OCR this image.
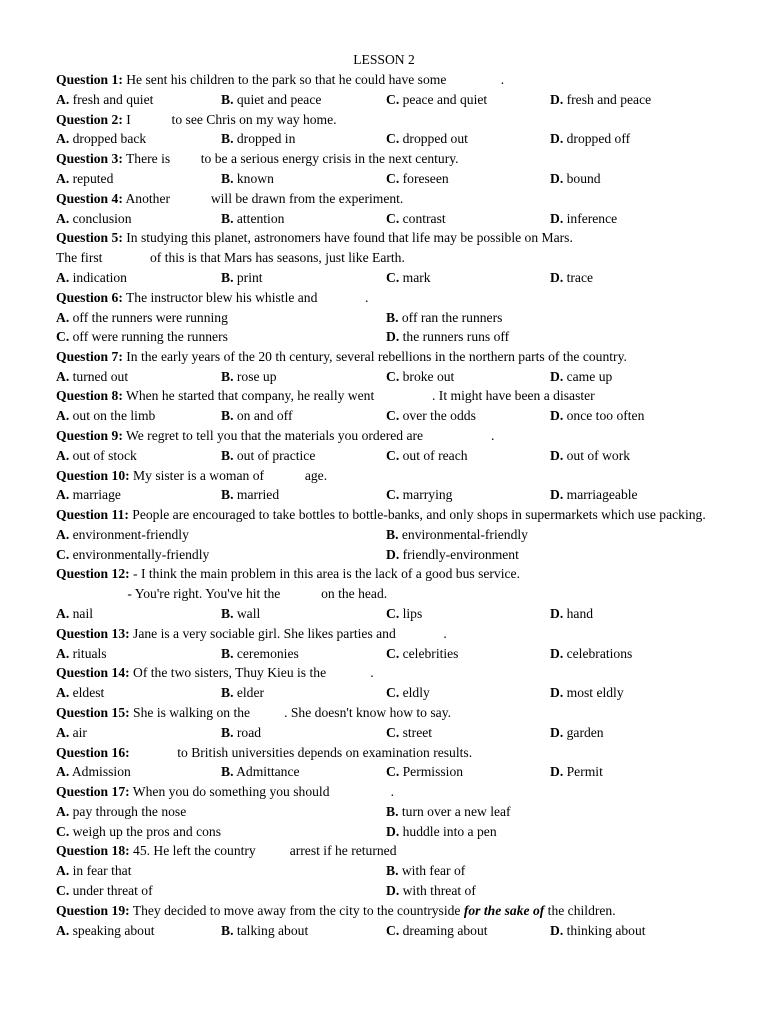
LESSON 2
Question 1: He sent his children to the park so that he could have some                .
A. fresh and quiet	B. quiet and peace	C. peace and quiet	D. fresh and peace
Question 2: I            to see Chris on my way home.
A. dropped back	B. dropped in	C. dropped out	D. dropped off
Question 3: There is         to be a serious energy crisis in the next century.
A. reputed	B. known	C. foreseen	D. bound
Question 4: Another            will be drawn from the experiment.
A. conclusion	B. attention	C. contrast	D. inference
Question 5: In studying this planet, astronomers have found that life may be possible on Mars.
The first              of this is that Mars has seasons, just like Earth.
A. indication	B. print	C. mark	D. trace
Question 6: The instructor blew his whistle and              .
A. off the runners were running	B. off ran the runners
C. off were running the runners	D. the runners runs off
Question 7: In the early years of the 20 th century, several rebellions in the northern parts of the country.
A. turned out	B. rose up	C. broke out	D. came up
Question 8: When he started that company, he really went                 . It might have been a disaster
A. out on the limb	B. on and off	C. over the odds	D. once too often
Question 9: We regret to tell you that the materials you ordered are                    .
A. out of stock	B. out of practice	C. out of reach	D. out of work
Question 10: My sister is a woman of            age.
A. marriage	B. married	C. marrying	D. marriageable
Question 11: People are encouraged to take bottles to bottle-banks, and only shops in supermarkets which use packing.
A. environment-friendly	B. environmental-friendly
C. environmentally-friendly	D. friendly-environment
Question 12: - I think the main problem in this area is the lack of a good bus service.
- You're right. You've hit the            on the head.
A. nail	B. wall	C. lips	D. hand
Question 13: Jane is a very sociable girl. She likes parties and              .
A. rituals	B. ceremonies	C. celebrities	D. celebrations
Question 14: Of the two sisters, Thuy Kieu is the             .
A. eldest	B. elder	C. eldly	D. most eldly
Question 15: She is walking on the          . She doesn't know how to say.
A. air	B. road	C. street	D. garden
Question 16:              to British universities depends on examination results.
A. Admission	B. Admittance	C. Permission	D. Permit
Question 17: When you do something you should                  .
A. pay through the nose	B. turn over a new leaf
C. weigh up the pros and cons	D. huddle into a pen
Question 18: 45. He left the country          arrest if he returned
A. in fear that	B. with fear of
C. under threat of	D. with threat of
Question 19: They decided to move away from the city to the countryside for the sake of the children.
A. speaking about	B. talking about	C. dreaming about	D. thinking about
